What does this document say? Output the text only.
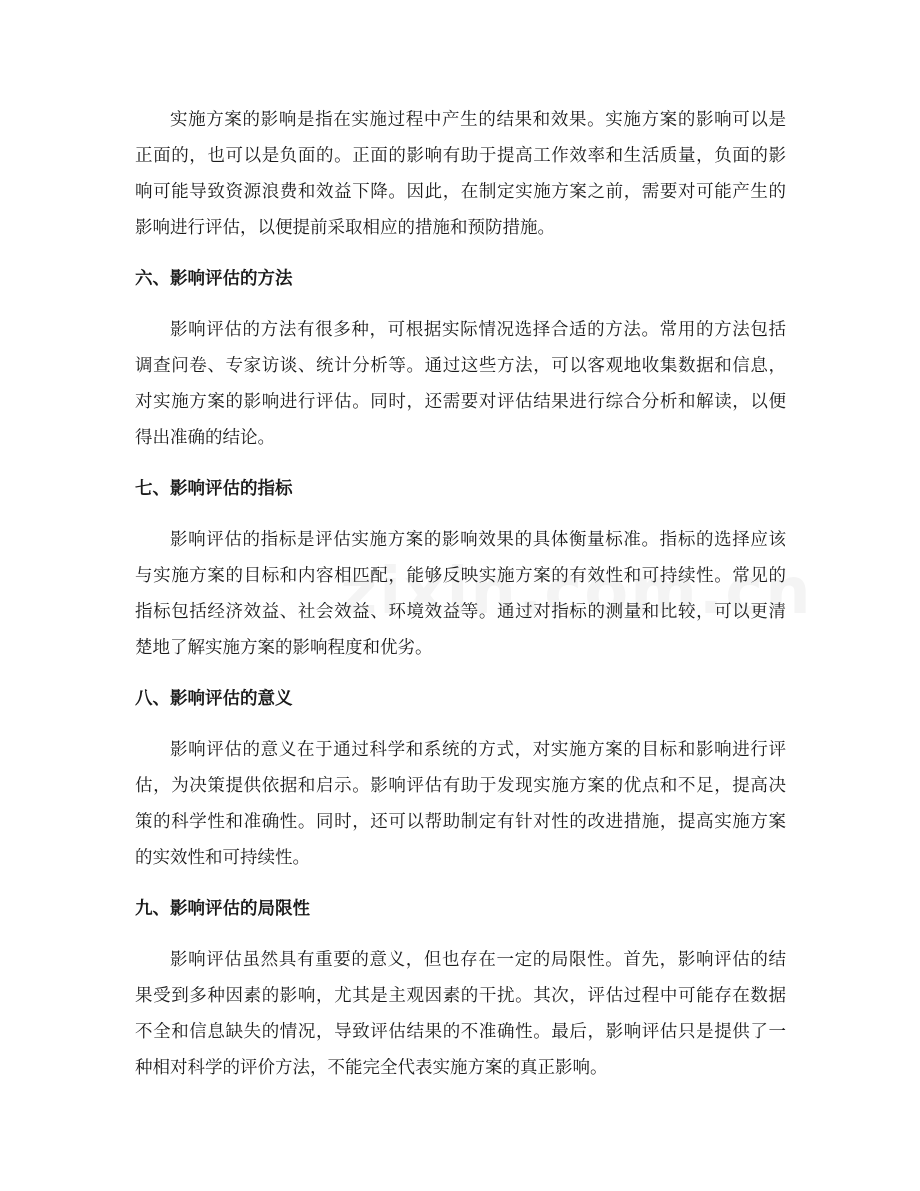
实施方案的影响是指在实施过程中产生的结果和效果。实施方案的影响可以是
正面的，也可以是负面的。正面的影响有助于提高工作效率和生活质量，负面的影
响可能导致资源浪费和效益下降。因此，在制定实施方案之前，需要对可能产生的
影响进行评估，以便提前采取相应的措施和预防措施。
六、影响评估的方法
影响评估的方法有很多种，可根据实际情况选择合适的方法。常用的方法包括
调查问卷、专家访谈、统计分析等。通过这些方法，可以客观地收集数据和信息，
对实施方案的影响进行评估。同时，还需要对评估结果进行综合分析和解读，以便
得出准确的结论。
七、影响评估的指标
影响评估的指标是评估实施方案的影响效果的具体衡量标准。指标的选择应该
与实施方案的目标和内容相匹配，能够反映实施方案的有效性和可持续性。常见的
指标包括经济效益、社会效益、环境效益等。通过对指标的测量和比较，可以更清
楚地了解实施方案的影响程度和优劣。
八、影响评估的意义
影响评估的意义在于通过科学和系统的方式，对实施方案的目标和影响进行评
估，为决策提供依据和启示。影响评估有助于发现实施方案的优点和不足，提高决
策的科学性和准确性。同时，还可以帮助制定有针对性的改进措施，提高实施方案
的实效性和可持续性。
九、影响评估的局限性
影响评估虽然具有重要的意义，但也存在一定的局限性。首先，影响评估的结
果受到多种因素的影响，尤其是主观因素的干扰。其次，评估过程中可能存在数据
不全和信息缺失的情况，导致评估结果的不准确性。最后，影响评估只是提供了一
种相对科学的评价方法，不能完全代表实施方案的真正影响。
